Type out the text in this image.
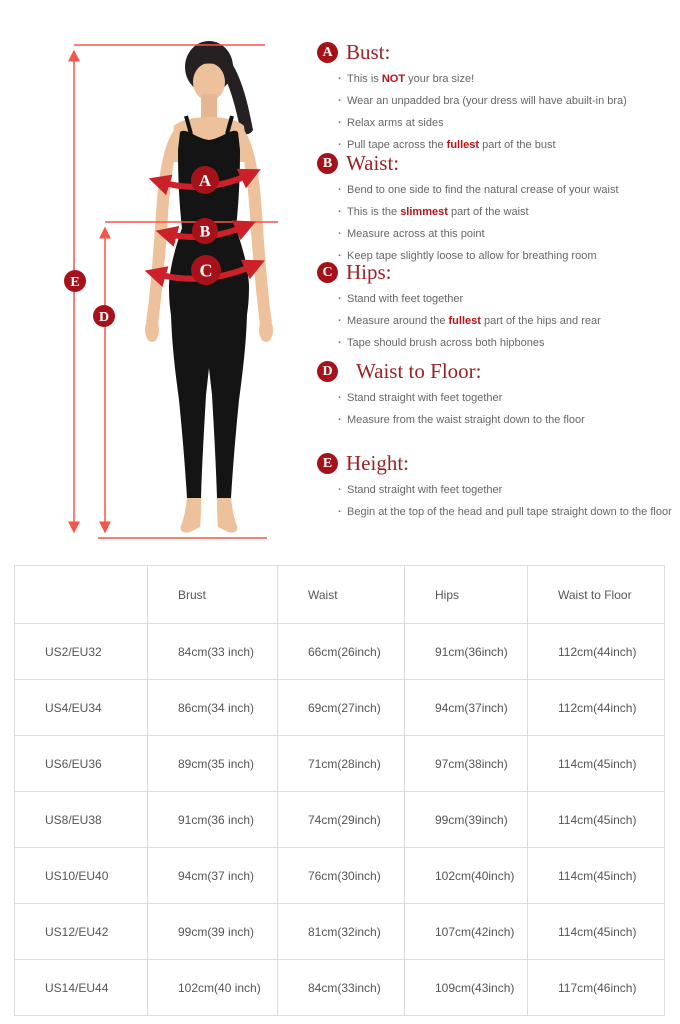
A
B
C
D
E
A Bust:
· This is NOT your bra size!
· Wear an unpadded bra (your dress will have abuilt-in bra)
· Relax arms at sides
· Pull tape across the fullest part of the bust
B Waist:
· Bend to one side to find the natural crease of your waist
· This is the slimmest part of the waist
· Measure across at this point
· Keep tape slightly loose to allow for breathing room
C Hips:
· Stand with feet together
· Measure around the fullest part of the hips and rear
· Tape should brush across both hipbones
D Waist to Floor:
· Stand straight with feet together
· Measure from the waist straight down to the floor
E Height:
· Stand straight with feet together
· Begin at the top of the head and pull tape straight down to the floor
	Brust	Waist	Hips	Waist to Floor
US2/EU32	84cm(33 inch)	66cm(26inch)	91cm(36inch)	112cm(44inch)
US4/EU34	86cm(34 inch)	69cm(27inch)	94cm(37inch)	112cm(44inch)
US6/EU36	89cm(35 inch)	71cm(28inch)	97cm(38inch)	114cm(45inch)
US8/EU38	91cm(36 inch)	74cm(29inch)	99cm(39inch)	114cm(45inch)
US10/EU40	94cm(37 inch)	76cm(30inch)	102cm(40inch)	114cm(45inch)
US12/EU42	99cm(39 inch)	81cm(32inch)	107cm(42inch)	114cm(45inch)
US14/EU44	102cm(40 inch)	84cm(33inch)	109cm(43inch)	117cm(46inch)
